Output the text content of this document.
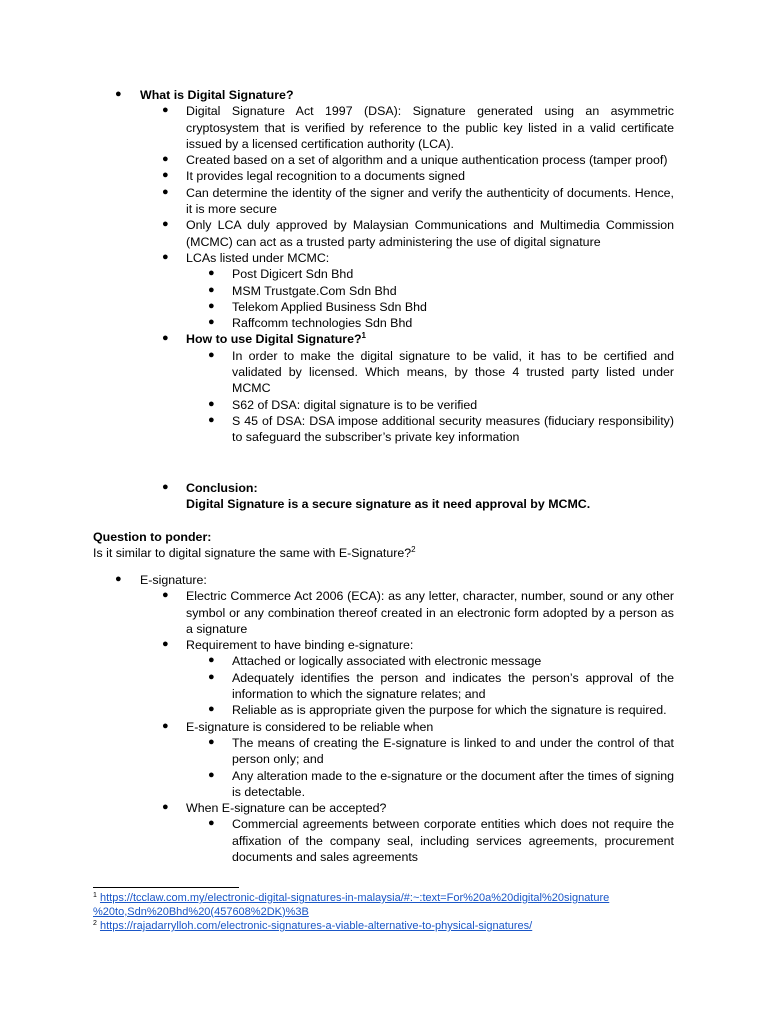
● What is Digital Signature?
● Digital Signature Act 1997 (DSA): Signature generated using an asymmetric cryptosystem that is verified by reference to the public key listed in a valid certificate issued by a licensed certification authority (LCA).
● Created based on a set of algorithm and a unique authentication process (tamper proof)
● It provides legal recognition to a documents signed
● Can determine the identity of the signer and verify the authenticity of documents. Hence, it is more secure
● Only LCA duly approved by Malaysian Communications and Multimedia Commission (MCMC) can act as a trusted party administering the use of digital signature
● LCAs listed under MCMC:
● Post Digicert Sdn Bhd
● MSM Trustgate.Com Sdn Bhd
● Telekom Applied Business Sdn Bhd
● Raffcomm technologies Sdn Bhd
● How to use Digital Signature?$^1$
● In order to make the digital signature to be valid, it has to be certified and validated by licensed. Which means, by those 4 trusted party listed under MCMC
● S62 of DSA: digital signature is to be verified
● S 45 of DSA: DSA impose additional security measures (fiduciary responsibility) to safeguard the subscriber’s private key information
● Conclusion:
Digital Signature is a secure signature as it need approval by MCMC.
Question to ponder:
Is it similar to digital signature the same with E-Signature?$^2$
● E-signature:
● Electric Commerce Act 2006 (ECA): as any letter, character, number, sound or any other symbol or any combination thereof created in an electronic form adopted by a person as a signature
● Requirement to have binding e-signature:
● Attached or logically associated with electronic message
● Adequately identifies the person and indicates the person’s approval of the information to which the signature relates; and
● Reliable as is appropriate given the purpose for which the signature is required.
● E-signature is considered to be reliable when
● The means of creating the E-signature is linked to and under the control of that person only; and
● Any alteration made to the e-signature or the document after the times of signing is detectable.
● When E-signature can be accepted?
● Commercial agreements between corporate entities which does not require the affixation of the company seal, including services agreements, procurement documents and sales agreements
$^1$ https://tcclaw.com.my/electronic-digital-signatures-in-malaysia/#:~:text=For%20a%20digital%20signature
%20to,Sdn%20Bhd%20(457608%2DK)%3B
$^2$ https://rajadarrylloh.com/electronic-signatures-a-viable-alternative-to-physical-signatures/
